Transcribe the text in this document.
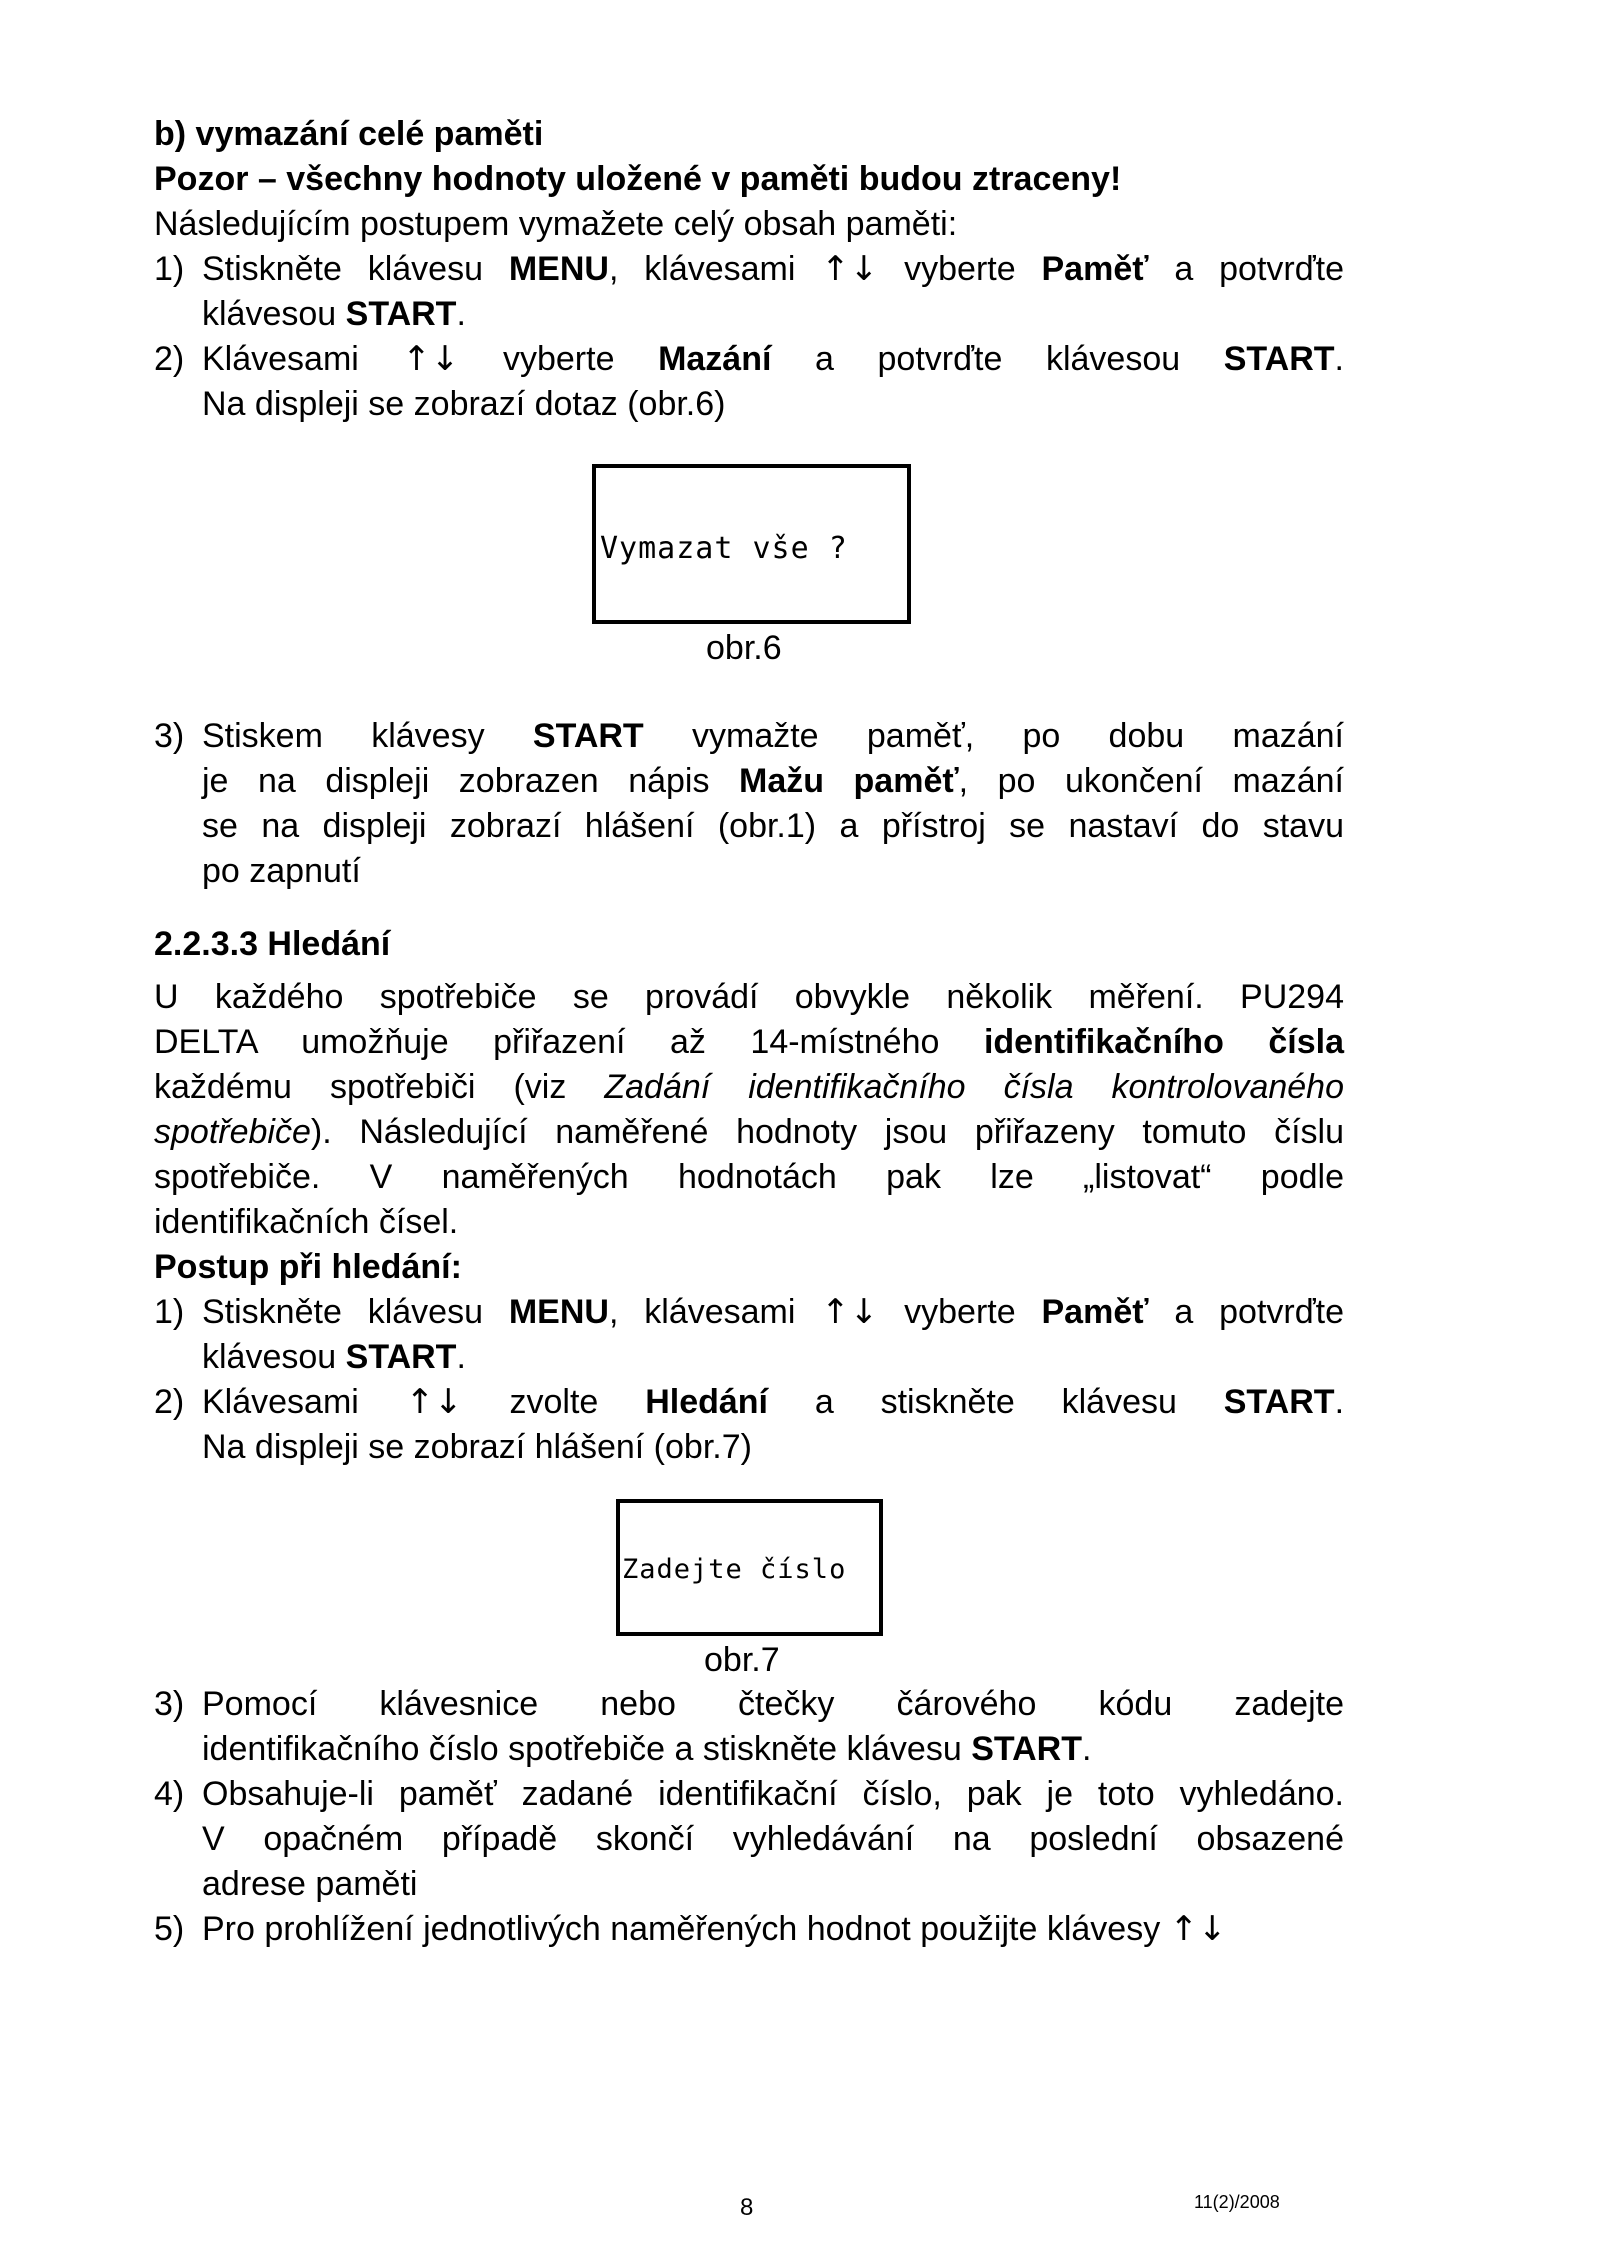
b) vymazání celé paměti
Pozor – všechny hodnoty uložené v paměti budou ztraceny!
Následujícím postupem vymažete celý obsah paměti:
1) Stiskněte klávesu MENU, klávesami ↑↓ vyberte Paměť a potvrďte
klávesou START.
2) Klávesami ↑↓ vyberte Mazání a potvrďte klávesou START.
Na displeji se zobrazí dotaz (obr.6)
Vymazat vše ?
obr.6
3) Stiskem klávesy START vymažte paměť, po dobu mazání
je na displeji zobrazen nápis Mažu paměť, po ukončení mazání
se na displeji zobrazí hlášení (obr.1) a přístroj se nastaví do stavu
po zapnutí
2.2.3.3 Hledání
U každého spotřebiče se provádí obvykle několik měření. PU294
DELTA umožňuje přiřazení až 14-místného identifikačního čísla
každému spotřebiči (viz Zadání identifikačního čísla kontrolovaného
spotřebiče). Následující naměřené hodnoty jsou přiřazeny tomuto číslu
spotřebiče. V naměřených hodnotách pak lze „listovat“ podle
identifikačních čísel.
Postup při hledání:
1) Stiskněte klávesu MENU, klávesami ↑↓ vyberte Paměť a potvrďte
klávesou START.
2) Klávesami ↑↓ zvolte Hledání a stiskněte klávesu START.
Na displeji se zobrazí hlášení (obr.7)
Zadejte číslo
obr.7
3) Pomocí klávesnice nebo čtečky čárového kódu zadejte
identifikačního číslo spotřebiče a stiskněte klávesu START.
4) Obsahuje-li paměť zadané identifikační číslo, pak je toto vyhledáno.
V opačném případě skončí vyhledávání na poslední obsazené
adrese paměti
5) Pro prohlížení jednotlivých naměřených hodnot použijte klávesy ↑↓
8	11(2)/2008
